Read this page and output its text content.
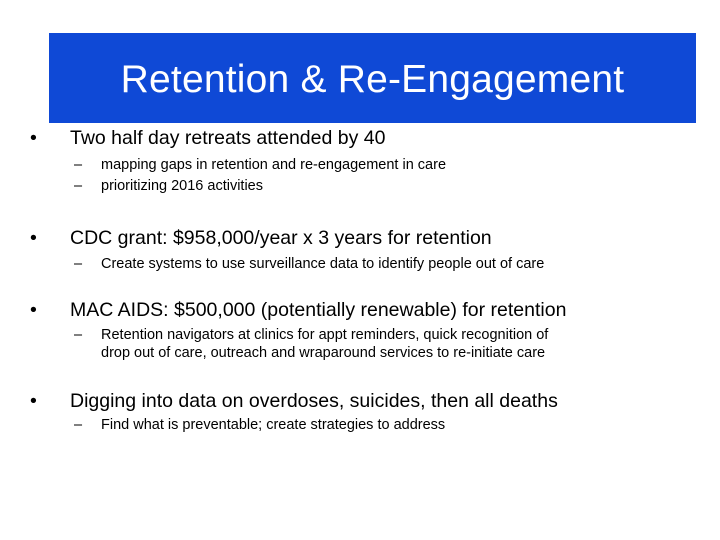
Retention & Re-Engagement
• Two half day retreats attended by 40
–	mapping gaps in retention and re-engagement in care
–	prioritizing 2016 activities
• CDC grant: $958,000/year x 3 years for retention
–	Create systems to use surveillance data to identify people out of care
• MAC AIDS: $500,000 (potentially renewable) for retention
–	Retention navigators at clinics for appt reminders, quick recognition of
drop out of care, outreach and wraparound services to re-initiate care
• Digging into data on overdoses, suicides, then all deaths
–	Find what is preventable; create strategies to address
